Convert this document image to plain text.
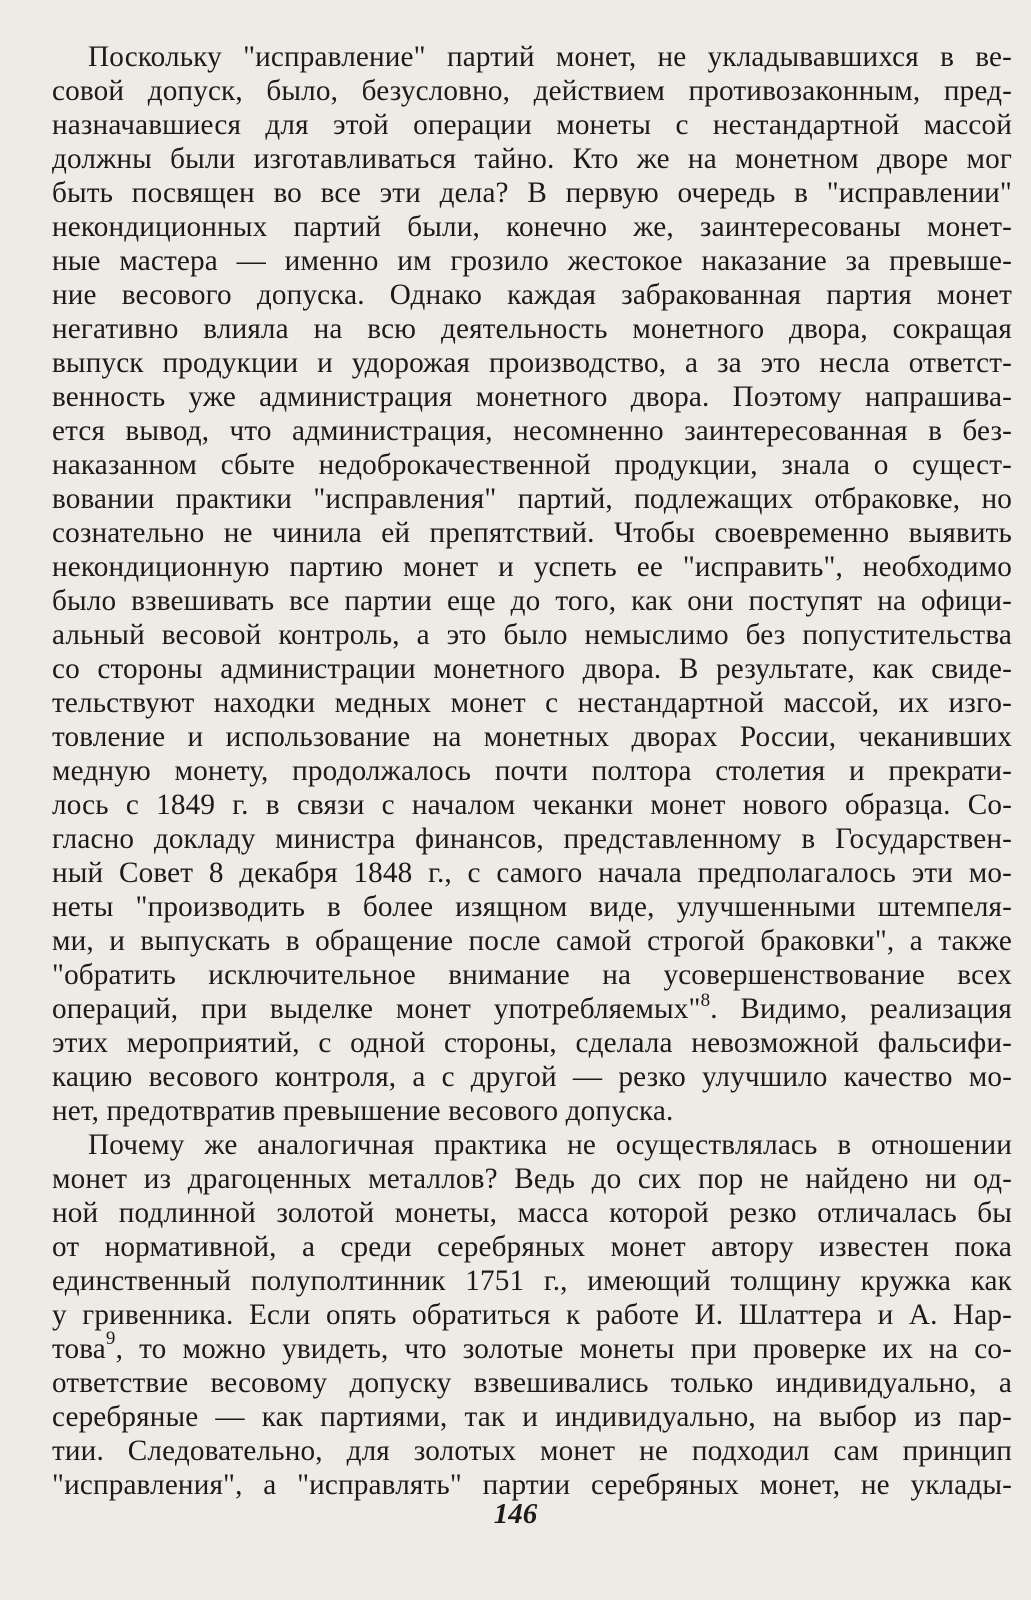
Поскольку "исправление" партий монет, не укладывавшихся в ве-
совой допуск, было, безусловно, действием противозаконным, пред-
назначавшиеся для этой операции монеты с нестандартной массой
должны были изготавливаться тайно. Кто же на монетном дворе мог
быть посвящен во все эти дела? В первую очередь в "исправлении"
некондиционных партий были, конечно же, заинтересованы монет-
ные мастера — именно им грозило жестокое наказание за превыше-
ние весового допуска. Однако каждая забракованная партия монет
негативно влияла на всю деятельность монетного двора, сокращая
выпуск продукции и удорожая производство, а за это несла ответст-
венность уже администрация монетного двора. Поэтому напрашива-
ется вывод, что администрация, несомненно заинтересованная в без-
наказанном сбыте недоброкачественной продукции, знала о сущест-
вовании практики "исправления" партий, подлежащих отбраковке, но
сознательно не чинила ей препятствий. Чтобы своевременно выявить
некондиционную партию монет и успеть ее "исправить", необходимо
было взвешивать все партии еще до того, как они поступят на офици-
альный весовой контроль, а это было немыслимо без попустительства
со стороны администрации монетного двора. В результате, как свиде-
тельствуют находки медных монет с нестандартной массой, их изго-
товление и использование на монетных дворах России, чеканивших
медную монету, продолжалось почти полтора столетия и прекрати-
лось с 1849 г. в связи с началом чеканки монет нового образца. Со-
гласно докладу министра финансов, представленному в Государствен-
ный Совет 8 декабря 1848 г., с самого начала предполагалось эти мо-
неты "производить в более изящном виде, улучшенными штемпеля-
ми, и выпускать в обращение после самой строгой браковки", а также
"обратить исключительное внимание на усовершенствование всех
операций, при выделке монет употребляемых"$^8$. Видимо, реализация
этих мероприятий, с одной стороны, сделала невозможной фальсифи-
кацию весового контроля, а с другой — резко улучшило качество мо-
нет, предотвратив превышение весового допуска.

Почему же аналогичная практика не осуществлялась в отношении
монет из драгоценных металлов? Ведь до сих пор не найдено ни од-
ной подлинной золотой монеты, масса которой резко отличалась бы
от нормативной, а среди серебряных монет автору известен пока
единственный полуполтинник 1751 г., имеющий толщину кружка как
у гривенника. Если опять обратиться к работе И. Шлаттера и А. Нар-
това$^9$, то можно увидеть, что золотые монеты при проверке их на со-
ответствие весовому допуску взвешивались только индивидуально, а
серебряные — как партиями, так и индивидуально, на выбор из пар-
тии. Следовательно, для золотых монет не подходил сам принцип
"исправления", а "исправлять" партии серебряных монет, не уклады-

146
